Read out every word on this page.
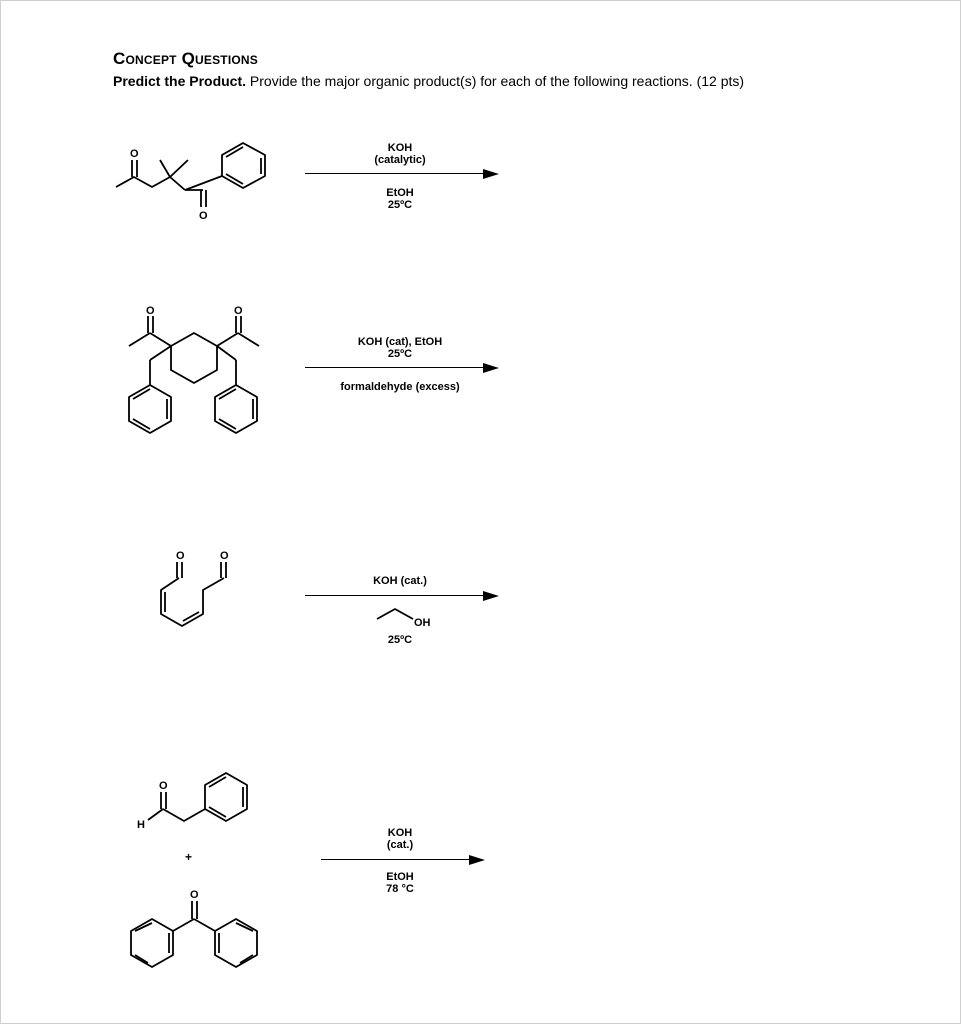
Concept Questions
Predict the Product. Provide the major organic product(s) for each of the following reactions. (12 pts)
O
O
KOH
(catalytic)
EtOH
25ºC
O	O
KOH (cat), EtOH
25ºC
formaldehyde (excess)
O	O
KOH (cat.)
OH
25ºC
H
O
O
+
KOH
(cat.)
EtOH
78 °C
